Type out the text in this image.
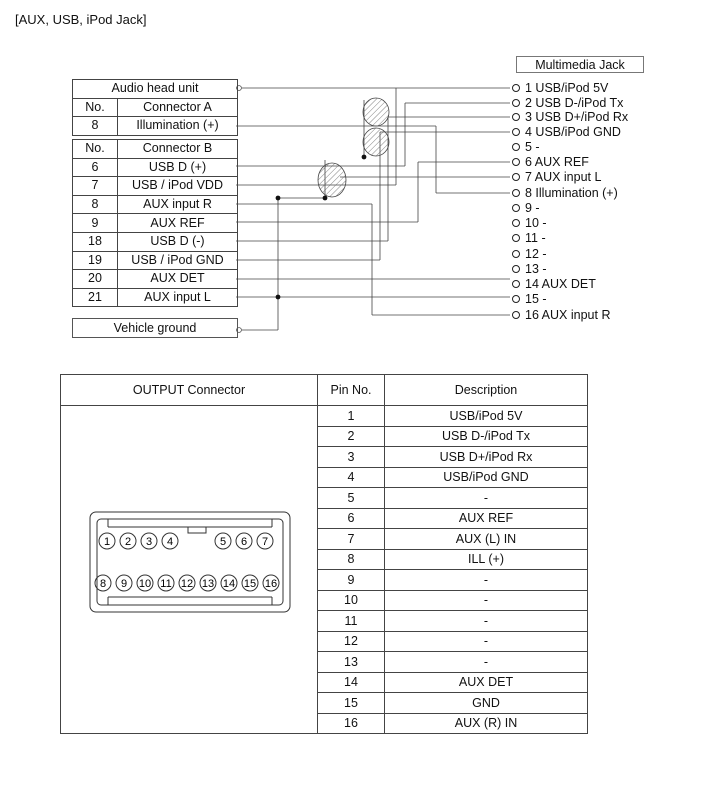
[AUX, USB, iPod Jack]
Audio head unit	
No.	Connector A
8	Illumination (+)
No.	Connector B
6	USB D (+)
7	USB / iPod VDD
8	AUX input R
9	AUX REF
18	USB D (-)
19	USB / iPod GND
20	AUX DET
21	AUX input L
Vehicle ground
Multimedia Jack
1 USB/iPod 5V
2 USB D-/iPod Tx
3 USB D+/iPod Rx
4 USB/iPod GND
5 -
6 AUX REF
7 AUX input L
8 Illumination (+)
9 -
10 -
11 -
12 -
13 -
14 AUX DET
15 -
16 AUX input R
OUTPUT Connector	Pin No.	Description
	1	USB/iPod 5V
	2	USB D-/iPod Tx
	3	USB D+/iPod Rx
	4	USB/iPod GND
	5	-
	6	AUX REF
	7	AUX (L) IN
	8	ILL (+)
	9	-
	10	-
	11	-
	12	-
	13	-
	14	AUX DET
	15	GND
	16	AUX (R) IN
1 2 3 4	5 6 7
8 9 10 11 12 13 14 15 16
